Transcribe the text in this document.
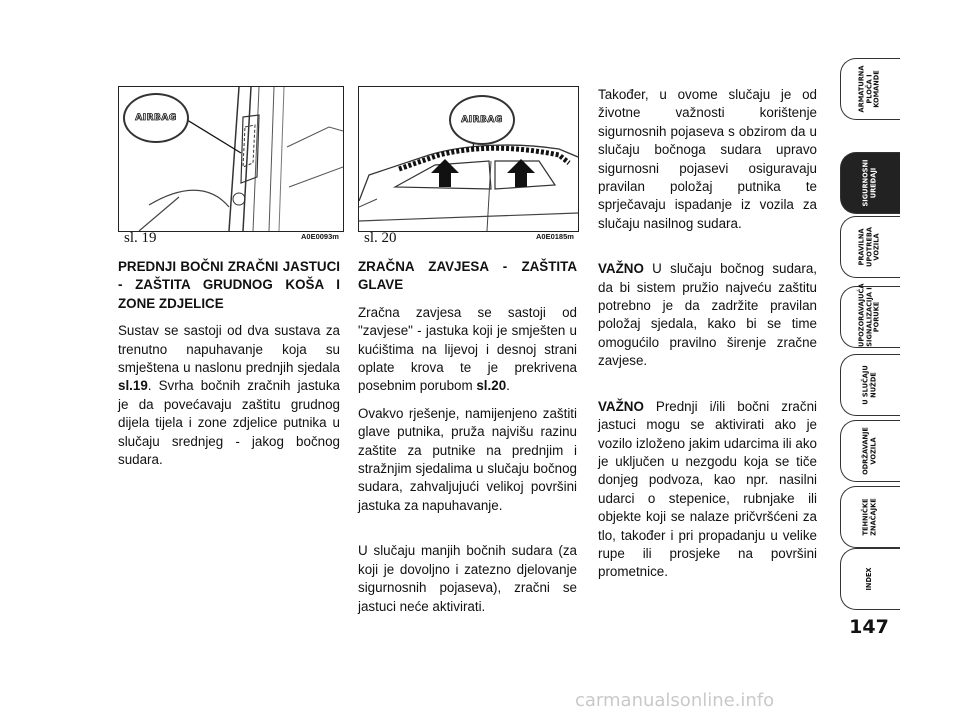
AIRBAG
sl. 19	A0E0093m
AIRBAG
sl. 20	A0E0185m
PREDNJI BOČNI ZRAČNI JASTUCI - ZAŠTITA GRUDNOG KOŠA I ZONE ZDJELICE

Sustav se sastoji od dva sustava za trenutno napuhavanje koja su smještena u naslonu prednjih sjedala sl.19. Svrha bočnih zračnih jastuka je da povećavaju zaštitu grudnog dijela tijela i zone zdjelice putnika u slučaju srednjeg - jakog bočnog sudara.

ZRAČNA ZAVJESA - ZAŠTITA GLAVE

Zračna zavjesa se sastoji od "zavjese" - jastuka koji je smješten u kućištima na lijevoj i desnoj strani oplate krova te je prekrivena posebnim porubom sl.20.

Ovakvo rješenje, namijenjeno zaštiti glave putnika, pruža najvišu razinu zaštite za putnike na prednjim i stražnjim sjedalima u slučaju bočnog sudara, zahvaljujući velikoj površini jastuka za napuhavanje.

U slučaju manjih bočnih sudara (za koji je dovoljno i zatezno djelovanje sigurnosnih pojaseva), zračni se jastuci neće aktivirati.

Također, u ovome slučaju je od životne važnosti korištenje sigurnosnih pojaseva s obzirom da u slučaju bočnoga sudara upravo sigurnosni pojasevi osiguravaju pravilan položaj putnika te sprječavaju ispadanje iz vozila za slučaju nasilnog sudara.

VAŽNO U slučaju bočnog sudara, da bi sistem pružio najveću zaštitu potrebno je da zadržite pravilan položaj sjedala, kako bi se time omogućilo pravilno širenje zračne zavjese.

VAŽNO Prednji i/ili bočni zračni jastuci mogu se aktivirati ako je vozilo izloženo jakim udarcima ili ako je uključen u nezgodu koja se tiče donjeg podvoza, kao npr. nasilni udarci o stepenice, rubnjake ili objekte koji se nalaze pričvršćeni za tlo, također i pri propadanju u velike rupe ili prosjeke na površini prometnice.

ARMATURNA
PLOČA I
KOMANDE
SIGURNOSNI
UREĐAJI
PRAVILNA
UPOTREBA
VOZILA
UPOZORAVAJUĆA
SIGNALIZACIJA I
PORUKE
U SLUČAJU
NUŽDE
ODRŽAVANJE
VOZILA
TEHNIČKE
ZNAČAJKE
INDEX
147
carmanualsonline.info
